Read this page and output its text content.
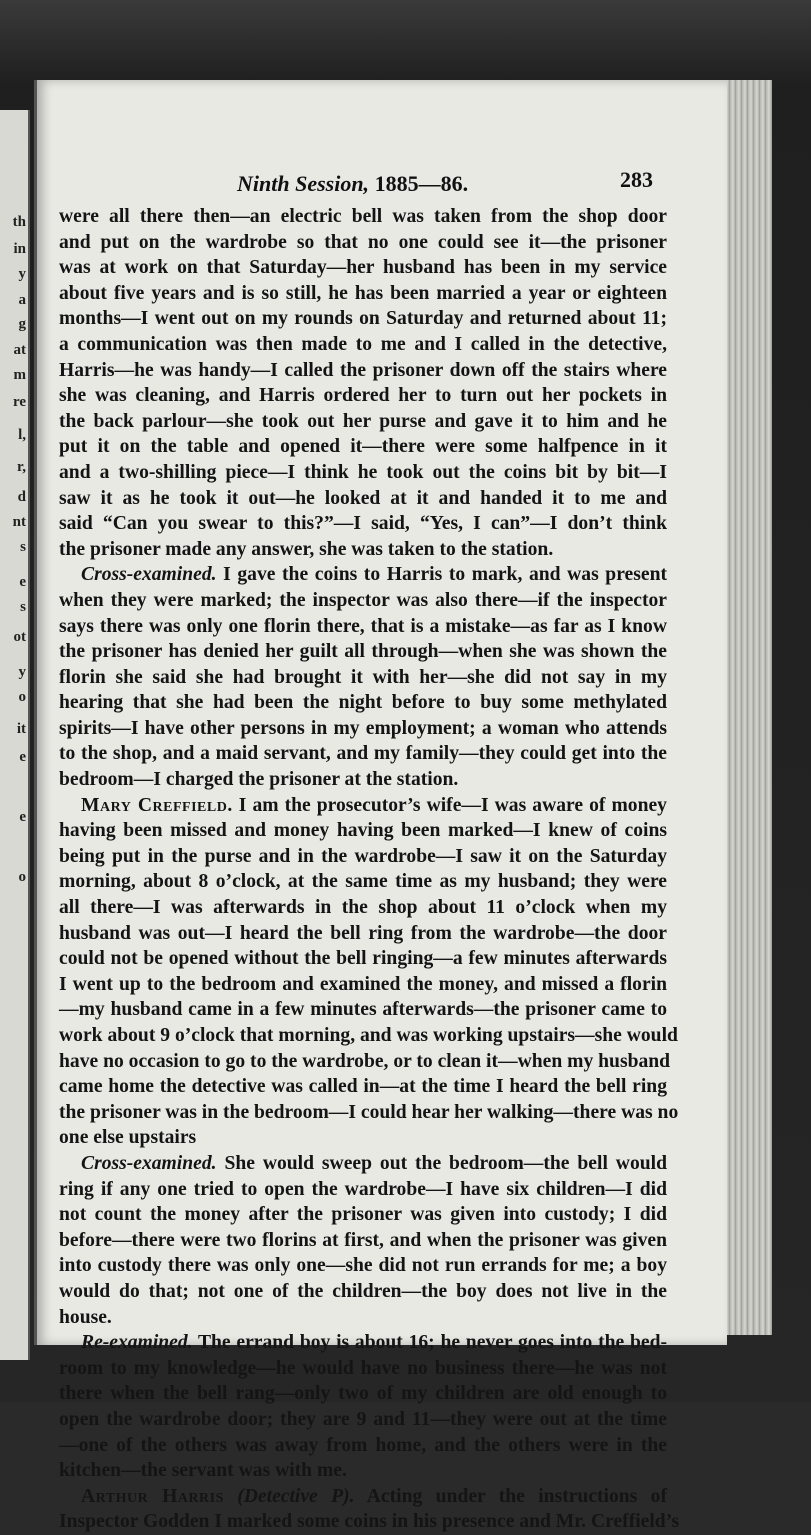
th
in
y
a
g
at
m
re
l,
r,
d
nt
s
e
s
ot
y
o
it
e
e
o
Ninth Session, 1885—86.	283
were all there then—an electric bell was taken from the shop door
and put on the wardrobe so that no one could see it—the prisoner
was at work on that Saturday—her husband has been in my service
about five years and is so still, he has been married a year or eighteen
months—I went out on my rounds on Saturday and returned about 11;
a communication was then made to me and I called in the detective,
Harris—he was handy—I called the prisoner down off the stairs where
she was cleaning, and Harris ordered her to turn out her pockets in
the back parlour—she took out her purse and gave it to him and he
put it on the table and opened it—there were some halfpence in it
and a two-shilling piece—I think he took out the coins bit by bit—I
saw it as he took it out—he looked at it and handed it to me and
said “Can you swear to this?”—I said, “Yes, I can”—I don’t think
the prisoner made any answer, she was taken to the station.
Cross-examined. I gave the coins to Harris to mark, and was present
when they were marked; the inspector was also there—if the inspector
says there was only one florin there, that is a mistake—as far as I know
the prisoner has denied her guilt all through—when she was shown the
florin she said she had brought it with her—she did not say in my
hearing that she had been the night before to buy some methylated
spirits—I have other persons in my employment; a woman who attends
to the shop, and a maid servant, and my family—they could get into the
bedroom—I charged the prisoner at the station.
Mary Creffield. I am the prosecutor’s wife—I was aware of money
having been missed and money having been marked—I knew of coins
being put in the purse and in the wardrobe—I saw it on the Saturday
morning, about 8 o’clock, at the same time as my husband; they were
all there—I was afterwards in the shop about 11 o’clock when my
husband was out—I heard the bell ring from the wardrobe—the door
could not be opened without the bell ringing—a few minutes afterwards
I went up to the bedroom and examined the money, and missed a florin
—my husband came in a few minutes afterwards—the prisoner came to
work about 9 o’clock that morning, and was working upstairs—she would
have no occasion to go to the wardrobe, or to clean it—when my husband
came home the detective was called in—at the time I heard the bell ring
the prisoner was in the bedroom—I could hear her walking—there was no
one else upstairs
Cross-examined. She would sweep out the bedroom—the bell would
ring if any one tried to open the wardrobe—I have six children—I did
not count the money after the prisoner was given into custody; I did
before—there were two florins at first, and when the prisoner was given
into custody there was only one—she did not run errands for me; a boy
would do that; not one of the children—the boy does not live in the
house.
Re-examined. The errand boy is about 16; he never goes into the bed-
room to my knowledge—he would have no business there—he was not
there when the bell rang—only two of my children are old enough to
open the wardrobe door; they are 9 and 11—they were out at the time
—one of the others was away from home, and the others were in the
kitchen—the servant was with me.
Arthur Harris (Detective P). Acting under the instructions of
Inspector Godden I marked some coins in his presence and Mr. Creffield’s
